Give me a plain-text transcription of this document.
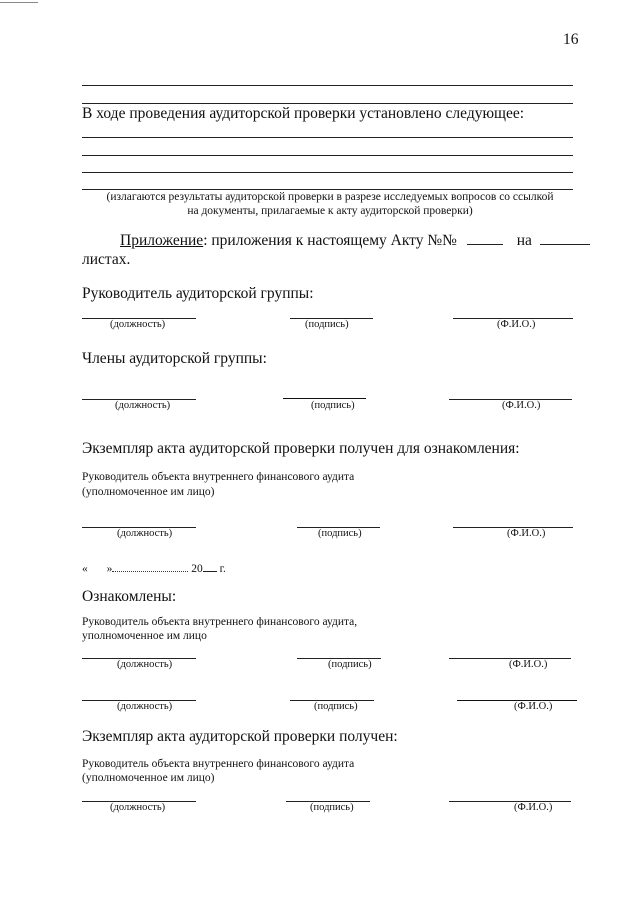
16
В ходе проведения аудиторской проверки установлено следующее:
(излагаются результаты аудиторской проверки в разрезе исследуемых вопросов со ссылкой
на документы, прилагаемые к акту аудиторской проверки)
Приложение: приложения к настоящему Акту №№	на
листах.
Руководитель аудиторской группы:
(должность)	(подпись)	(Ф.И.О.)
Члены аудиторской группы:
(должность)	(подпись)	(Ф.И.О.)
Экземпляр акта аудиторской проверки получен для ознакомления:
Руководитель объекта внутреннего финансового аудита
(уполномоченное им лицо)
(должность)	(подпись)	(Ф.И.О.)
« »	20 г.
Ознакомлены:
Руководитель объекта внутреннего финансового аудита,
уполномоченное им лицо
(должность)	(подпись)	(Ф.И.О.)
(должность)	(подпись)	(Ф.И.О.)
Экземпляр акта аудиторской проверки получен:
Руководитель объекта внутреннего финансового аудита
(уполномоченное им лицо)
(должность)	(подпись)	(Ф.И.О.)
